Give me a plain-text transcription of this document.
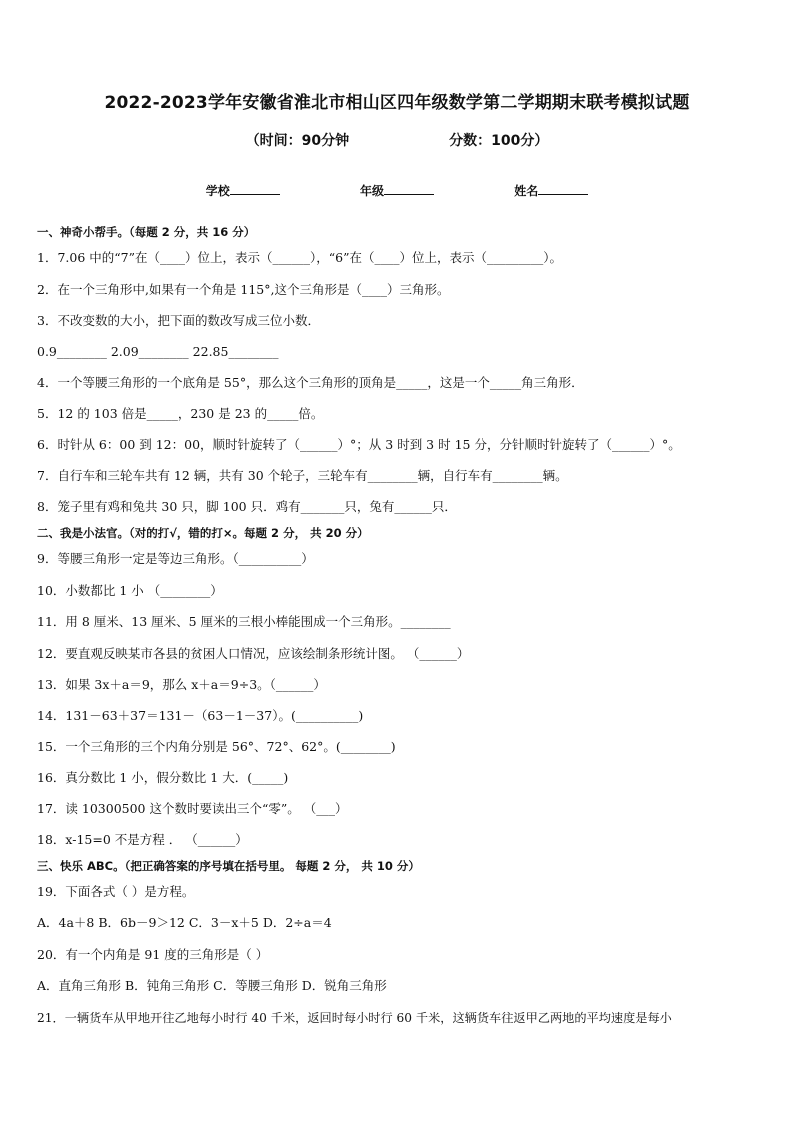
2022-2023学年安徽省淮北市相山区四年级数学第二学期期末联考模拟试题
（时间：90分钟	分数：100分）
学校	年级	姓名
一、神奇小帮手。（每题 2 分，共 16 分）
1．7.06 中的“7”在（____）位上，表示（______），“6”在（____）位上，表示（_________）。
2．在一个三角形中,如果有一个角是 115°,这个三角形是（____）三角形。
3．不改变数的大小，把下面的数改写成三位小数．
0.9________ 2.09________ 22.85________
4．一个等腰三角形的一个底角是 55°，那么这个三角形的顶角是_____，这是一个_____角三角形．
5．12 的 103 倍是_____，230 是 23 的_____倍。
6．时针从 6：00 到 12：00，顺时针旋转了（______）°；从 3 时到 3 时 15 分，分针顺时针旋转了（______）°。
7．自行车和三轮车共有 12 辆，共有 30 个轮子，三轮车有________辆，自行车有________辆。
8．笼子里有鸡和兔共 30 只，脚 100 只．鸡有_______只，兔有______只．
二、我是小法官。（对的打√，错的打×。每题 2 分， 共 20 分）
9．等腰三角形一定是等边三角形。（__________）
10．小数都比 1 小 （________）
11．用 8 厘米、13 厘米、5 厘米的三根小棒能围成一个三角形。________
12．要直观反映某市各县的贫困人口情况，应该绘制条形统计图。 （______）
13．如果 3x＋a＝9，那么 x＋a＝9÷3。（______）
14．131－63＋37＝131－（63－1－37）。(__________)
15．一个三角形的三个内角分别是 56°、72°、62°。(________)
16．真分数比 1 小，假分数比 1 大．(_____)
17．读 10300500 这个数时要读出三个“零”。 （___）
18．x-15=0 不是方程 ． （______）
三、快乐 ABC。（把正确答案的序号填在括号里。 每题 2 分， 共 10 分）
19．下面各式（ ）是方程。
A．4a＋8 B．6b－9＞12 C．3－x＋5 D．2÷a＝4
20．有一个内角是 91 度的三角形是（ ）
A．直角三角形 B．钝角三角形 C．等腰三角形 D．锐角三角形
21．一辆货车从甲地开往乙地每小时行 40 千米，返回时每小时行 60 千米，这辆货车往返甲乙两地的平均速度是每小
